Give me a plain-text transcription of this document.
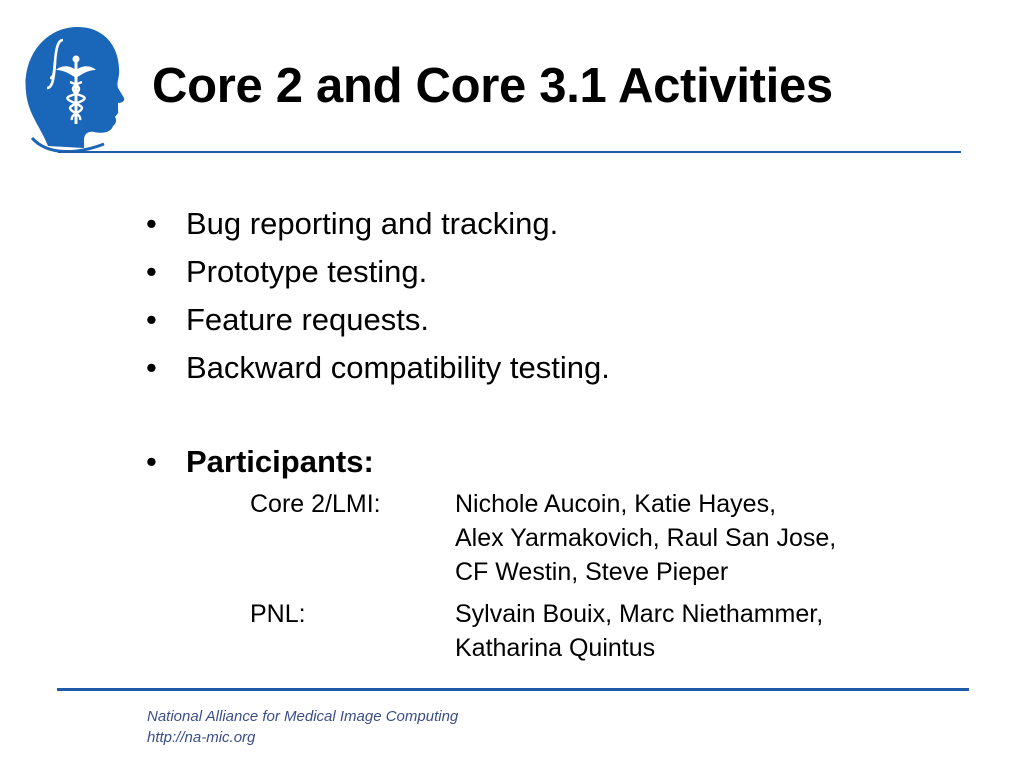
Core 2 and Core 3.1 Activities
• Bug reporting and tracking.
• Prototype testing.
• Feature requests.
• Backward compatibility testing.
• Participants:
Core 2/LMI:	Nichole Aucoin, Katie Hayes,
Alex Yarmakovich, Raul San Jose,
CF Westin, Steve Pieper
PNL:	Sylvain Bouix, Marc Niethammer,
Katharina Quintus
National Alliance for Medical Image Computing
http://na-mic.org
